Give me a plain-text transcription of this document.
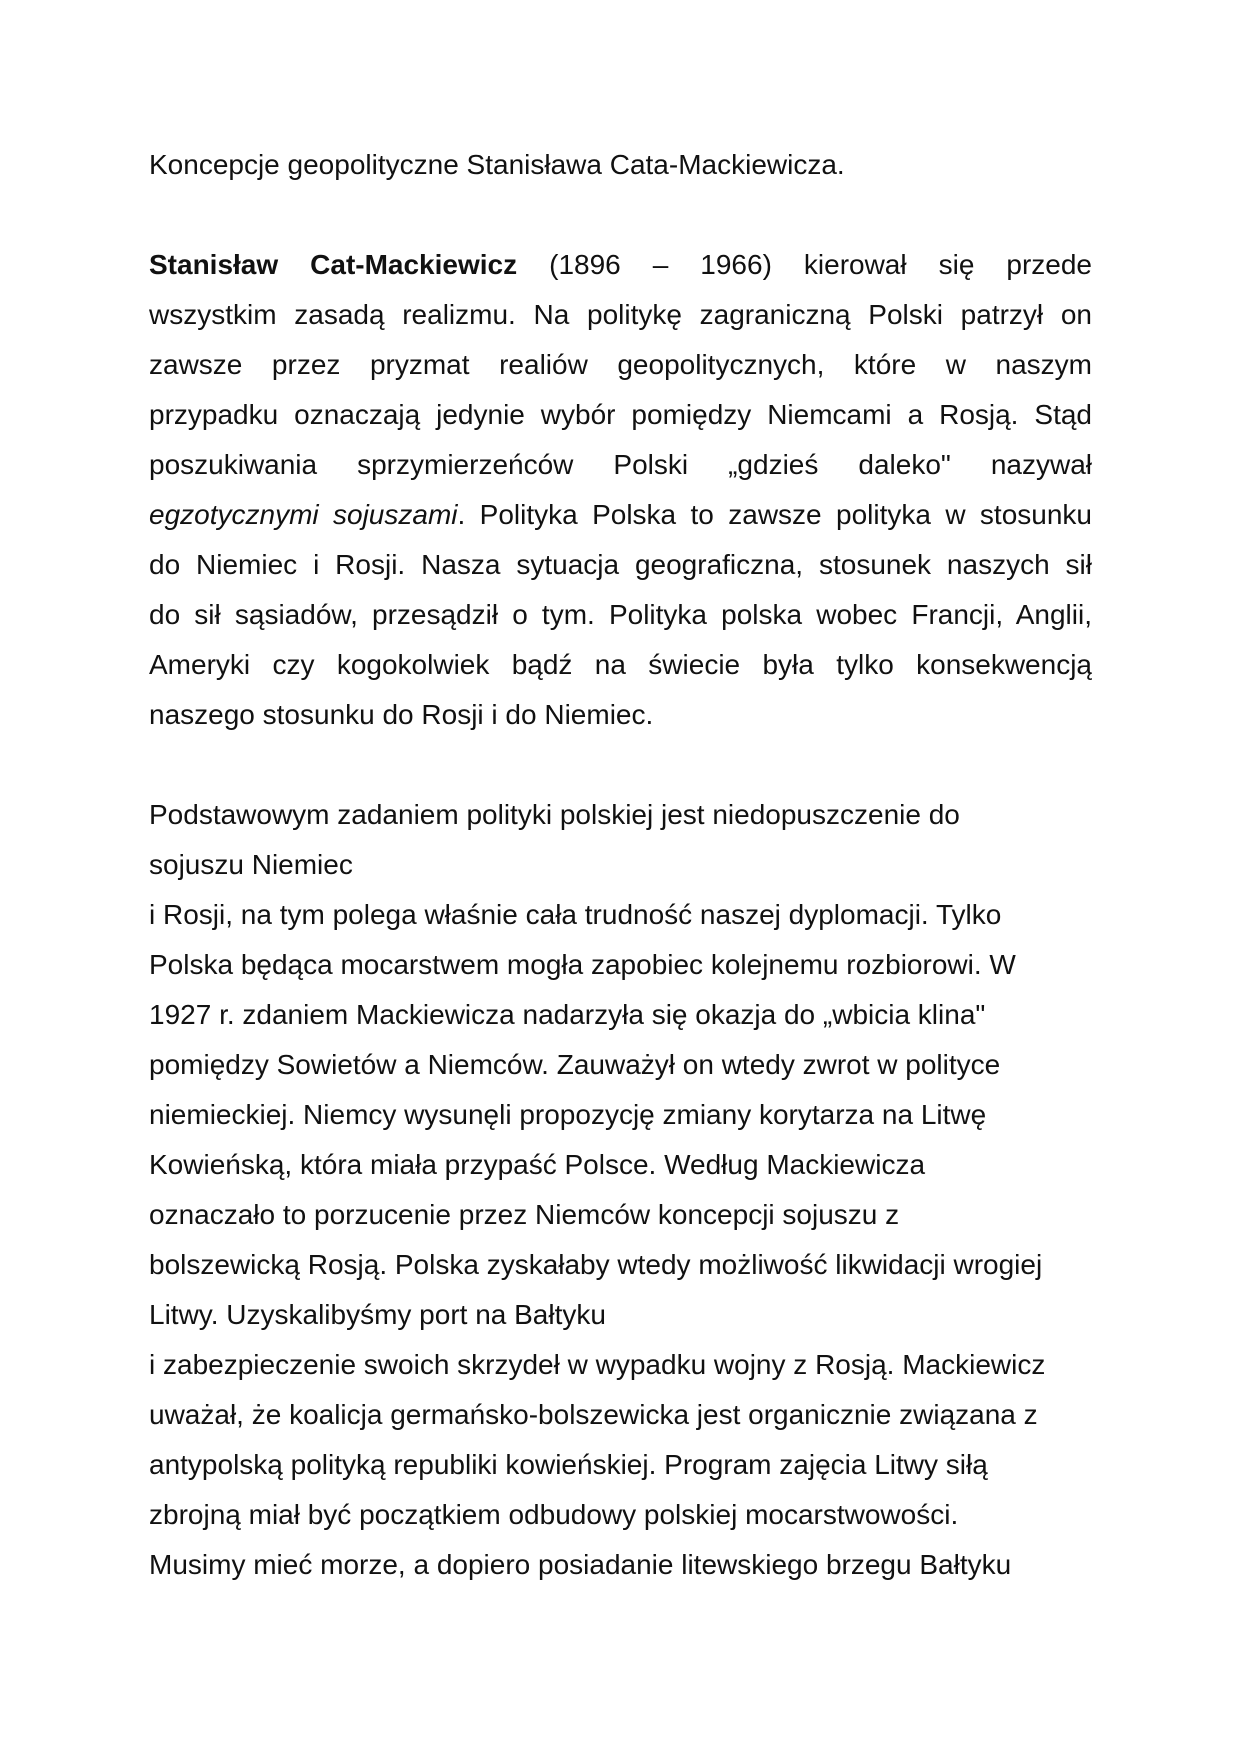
Koncepcje geopolityczne Stanisława Cata-Mackiewicza.
Stanisław Cat-Mackiewicz (1896 – 1966) kierował się przede
wszystkim zasadą realizmu. Na politykę zagraniczną Polski patrzył on
zawsze przez pryzmat realiów geopolitycznych, które w naszym
przypadku oznaczają jedynie wybór pomiędzy Niemcami a Rosją. Stąd
poszukiwania sprzymierzeńców Polski „gdzieś daleko" nazywał
egzotycznymi sojuszami. Polityka Polska to zawsze polityka w stosunku
do Niemiec i Rosji. Nasza sytuacja geograficzna, stosunek naszych sił
do sił sąsiadów, przesądził o tym. Polityka polska wobec Francji, Anglii,
Ameryki czy kogokolwiek bądź na świecie była tylko konsekwencją
naszego stosunku do Rosji i do Niemiec.
Podstawowym zadaniem polityki polskiej jest niedopuszczenie do
sojuszu Niemiec
i Rosji, na tym polega właśnie cała trudność naszej dyplomacji. Tylko
Polska będąca mocarstwem mogła zapobiec kolejnemu rozbiorowi. W
1927 r. zdaniem Mackiewicza nadarzyła się okazja do „wbicia klina"
pomiędzy Sowietów a Niemców. Zauważył on wtedy zwrot w polityce
niemieckiej. Niemcy wysunęli propozycję zmiany korytarza na Litwę
Kowieńską, która miała przypaść Polsce. Według Mackiewicza
oznaczało to porzucenie przez Niemców koncepcji sojuszu z
bolszewicką Rosją. Polska zyskałaby wtedy możliwość likwidacji wrogiej
Litwy. Uzyskalibyśmy port na Bałtyku
i zabezpieczenie swoich skrzydeł w wypadku wojny z Rosją. Mackiewicz
uważał, że koalicja germańsko-bolszewicka jest organicznie związana z
antypolską polityką republiki kowieńskiej. Program zajęcia Litwy siłą
zbrojną miał być początkiem odbudowy polskiej mocarstwowości.
Musimy mieć morze, a dopiero posiadanie litewskiego brzegu Bałtyku
